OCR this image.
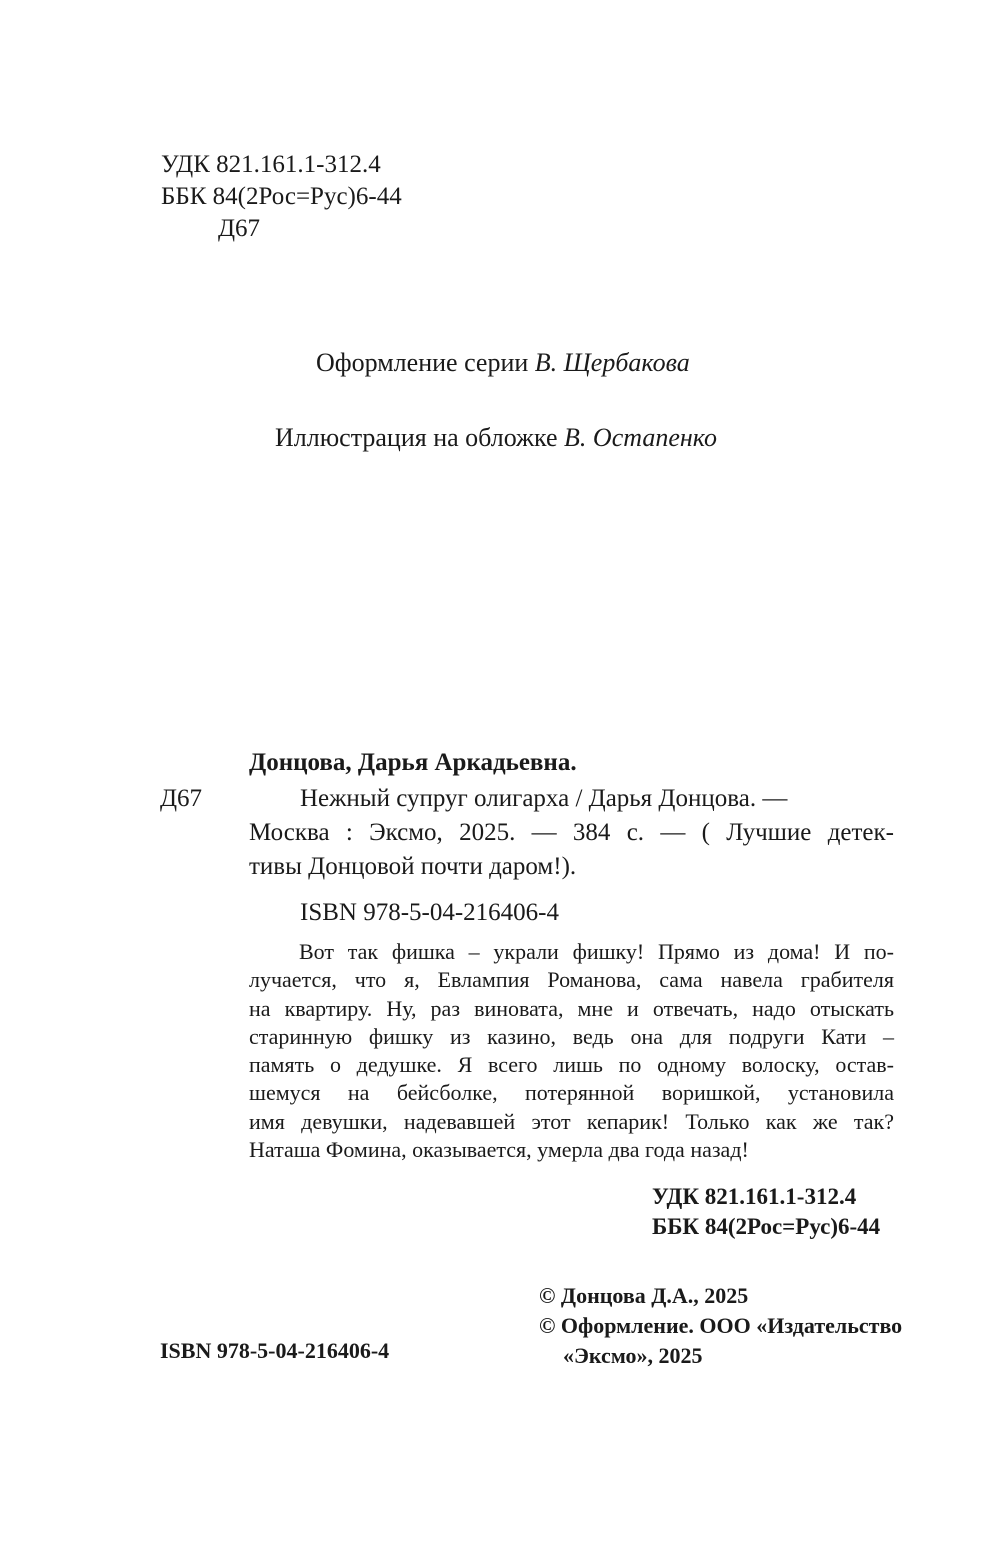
УДК 821.161.1-312.4
ББК 84(2Рос=Рус)6-44
Д67
Оформление серии В. Щербакова
Иллюстрация на обложке В. Остапенко
Донцова, Дарья Аркадьевна.
Д67	Нежный супруг олигарха / Дарья Донцова. —
Москва : Эксмо, 2025. — 384 с. — ( Лучшие детек-
тивы Донцовой почти даром!).
ISBN 978-5-04-216406-4
Вот так фишка – украли фишку! Прямо из дома! И по-
лучается, что я, Евлампия Романова, сама навела грабителя
на квартиру. Ну, раз виновата, мне и отвечать, надо отыскать
старинную фишку из казино, ведь она для подруги Кати –
память о дедушке. Я всего лишь по одному волоску, остав-
шемуся на бейсболке, потерянной воришкой, установила
имя девушки, надевавшей этот кепарик! Только как же так?
Наташа Фомина, оказывается, умерла два года назад!
УДК 821.161.1-312.4
ББК 84(2Рос=Рус)6-44
© Донцова Д.А., 2025
© Оформление. ООО «Издательство
«Эксмо», 2025
ISBN 978-5-04-216406-4
